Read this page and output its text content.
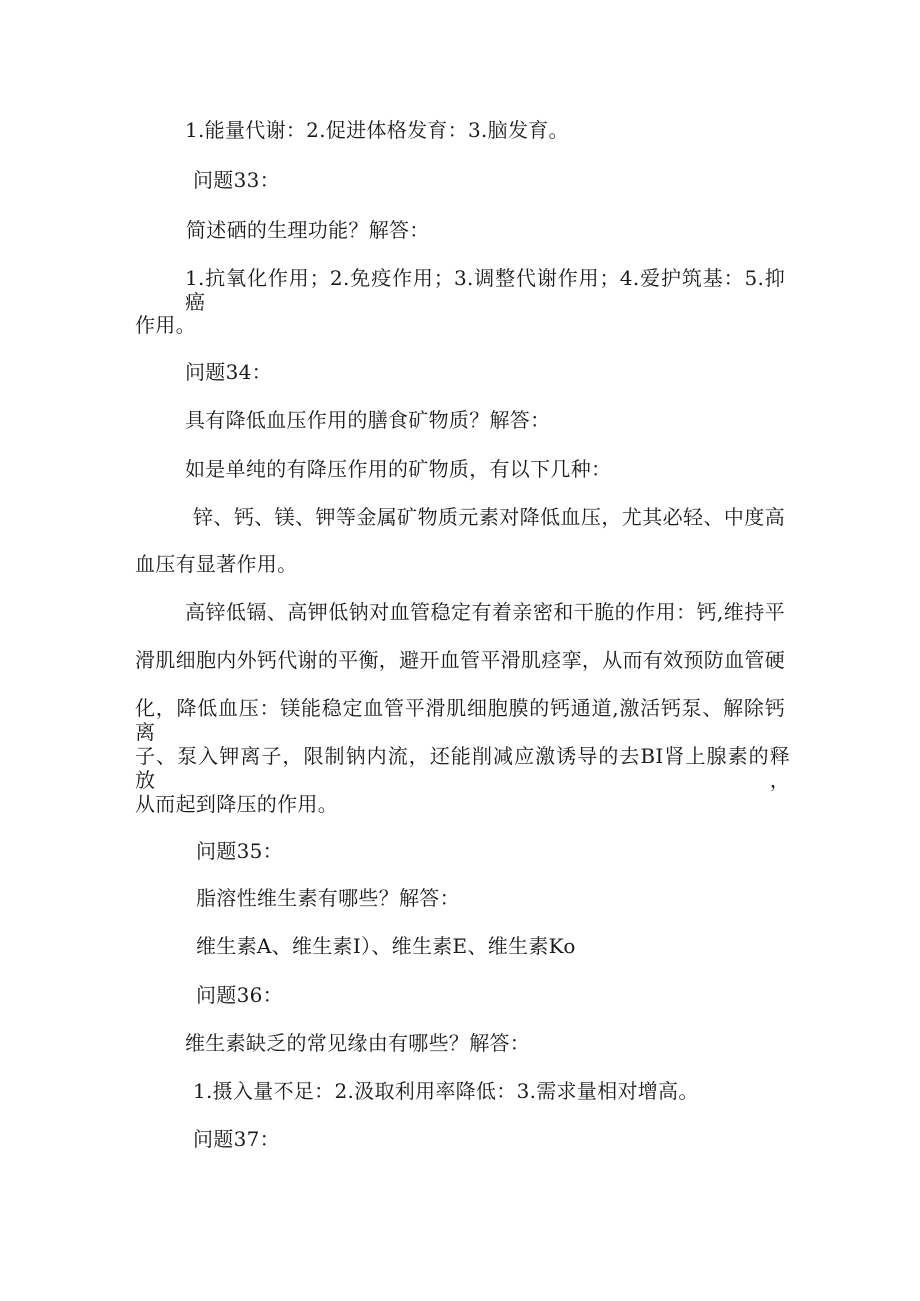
1.能量代谢：2.促进体格发育：3.脑发育。
问题33：
简述硒的生理功能？解答：
1.抗氧化作用；2.免疫作用；3.调整代谢作用；4.爱护筑基：5.抑癌
作用。
问题34：
具有降低血压作用的膳食矿物质？解答：
如是单纯的有降压作用的矿物质，有以下几种：
锌、钙、镁、钾等金属矿物质元素对降低血压，尤其必轻、中度高
血压有显著作用。
高锌低镉、高钾低钠对血管稳定有着亲密和干脆的作用：钙,维持平
滑肌细胞内外钙代谢的平衡，避开血管平滑肌痉挛，从而有效预防血管硬
化，降低血压：镁能稳定血管平滑肌细胞膜的钙通道,激活钙泵、解除钙离
子、泵入钾离子，限制钠内流，还能削减应激诱导的去BI肾上腺素的释放，
从而起到降压的作用。
问题35：
脂溶性维生素有哪些？解答：
维生素A、维生素I）、维生素E、维生素Ko
问题36：
维生素缺乏的常见缘由有哪些？解答：
1.摄入量不足：2.汲取利用率降低：3.需求量相对增高。
问题37：
